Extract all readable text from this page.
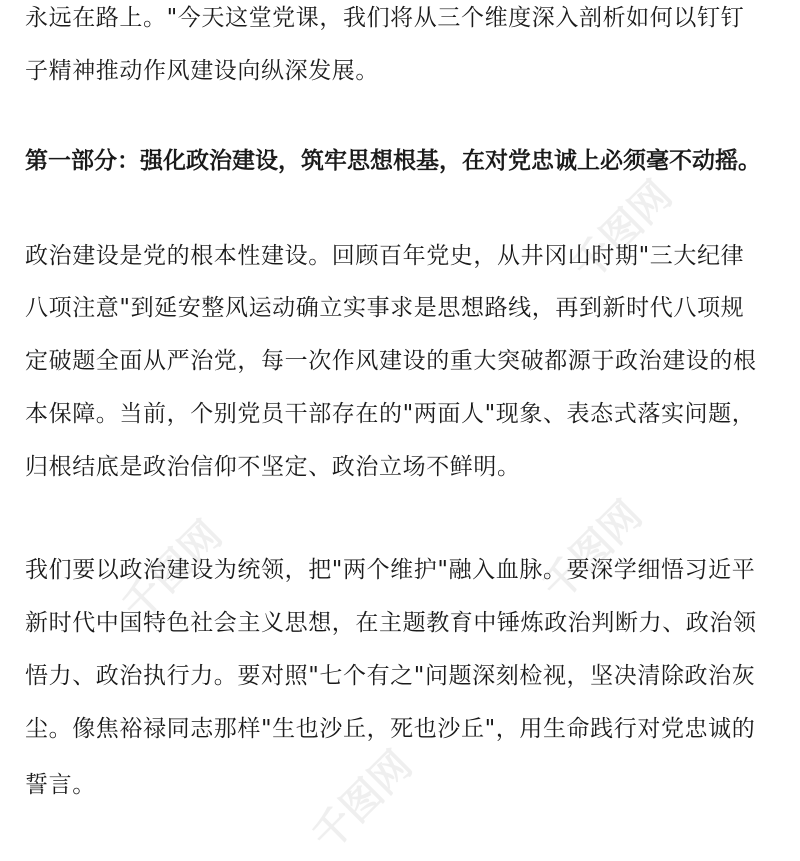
千图网
千图网	千图网
千图网

永远在路上。"今天这堂党课，我们将从三个维度深入剖析如何以钉钉

子精神推动作风建设向纵深发展。

第一部分：强化政治建设，筑牢思想根基，在对党忠诚上必须毫不动摇。

政治建设是党的根本性建设。回顾百年党史，从井冈山时期"三大纪律

八项注意"到延安整风运动确立实事求是思想路线，再到新时代八项规

定破题全面从严治党，每一次作风建设的重大突破都源于政治建设的根

本保障。当前，个别党员干部存在的"两面人"现象、表态式落实问题，

归根结底是政治信仰不坚定、政治立场不鲜明。

我们要以政治建设为统领，把"两个维护"融入血脉。要深学细悟习近平

新时代中国特色社会主义思想，在主题教育中锤炼政治判断力、政治领

悟力、政治执行力。要对照"七个有之"问题深刻检视，坚决清除政治灰

尘。像焦裕禄同志那样"生也沙丘，死也沙丘"，用生命践行对党忠诚的

誓言。
